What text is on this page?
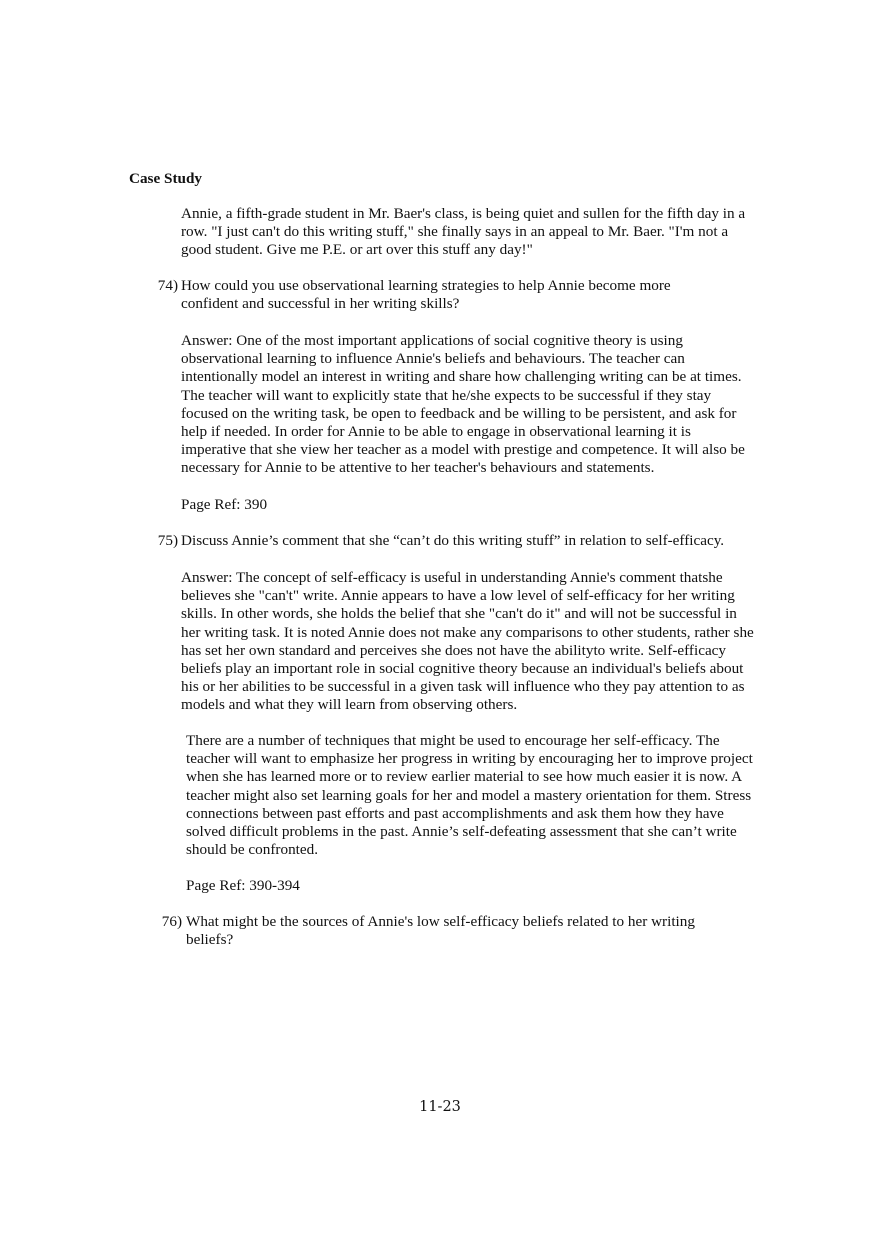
Case Study

Annie, a fifth-grade student in Mr. Baer's class, is being quiet and sullen for the fifth day in a row. "I just can't do this writing stuff," she finally says in an appeal to Mr. Baer. "I'm not a good student. Give me P.E. or art over this stuff any day!"

74) How could you use observational learning strategies to help Annie become more confident and successful in her writing skills?

Answer: One of the most important applications of social cognitive theory is using observational learning to influence Annie's beliefs and behaviours. The teacher can intentionally model an interest in writing and share how challenging writing can be at times. The teacher will want to explicitly state that he/she expects to be successful if they stay focused on the writing task, be open to feedback and be willing to be persistent, and ask for help if needed. In order for Annie to be able to engage in observational learning it is imperative that she view her teacher as a model with prestige and competence. It will also be necessary for Annie to be attentive to her teacher's behaviours and statements.

Page Ref: 390

75) Discuss Annie’s comment that she “can’t do this writing stuff” in relation to self-efficacy.

Answer: The concept of self-efficacy is useful in understanding Annie's comment thatshe believes she "can't" write. Annie appears to have a low level of self-efficacy for her writing skills. In other words, she holds the belief that she "can't do it" and will not be successful in her writing task. It is noted Annie does not make any comparisons to other students, rather she has set her own standard and perceives she does not have the abilityto write. Self-efficacy beliefs play an important role in social cognitive theory because an individual's beliefs about his or her abilities to be successful in a given task will influence who they pay attention to as models and what they will learn from observing others.

There are a number of techniques that might be used to encourage her self-efficacy. The teacher will want to emphasize her progress in writing by encouraging her to improve project when she has learned more or to review earlier material to see how much easier it is now. A teacher might also set learning goals for her and model a mastery orientation for them. Stress connections between past efforts and past accomplishments and ask them how they have solved difficult problems in the past. Annie’s self-defeating assessment that she can’t write should be confronted.

Page Ref: 390-394

76) What might be the sources of Annie's low self-efficacy beliefs related to her writing beliefs?

11-23
